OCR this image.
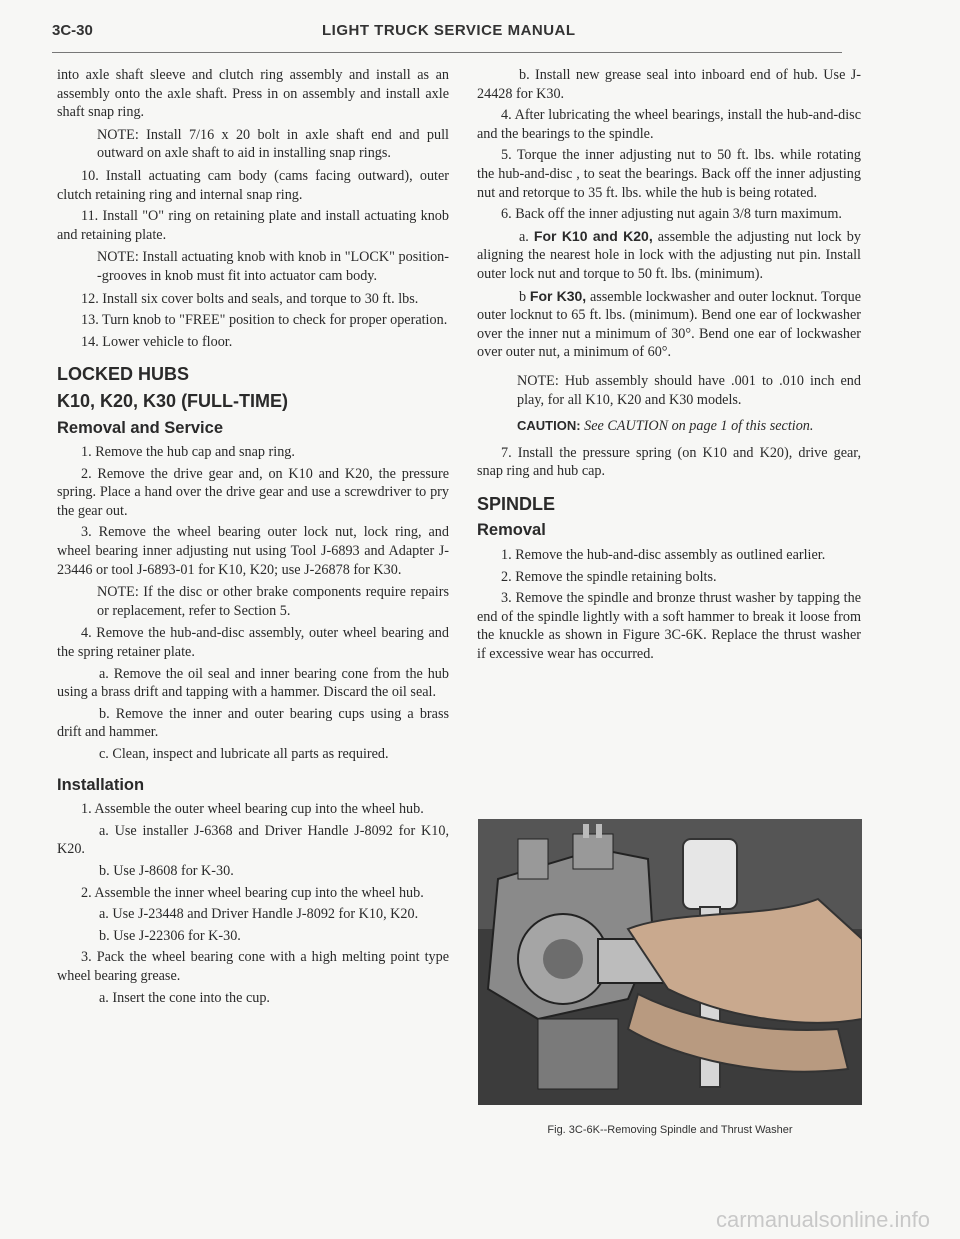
3C-30	LIGHT TRUCK SERVICE MANUAL

into axle shaft sleeve and clutch ring assembly and install as an assembly onto the axle shaft. Press in on assembly and install axle shaft snap ring.

NOTE: Install 7/16 x 20 bolt in axle shaft end and pull outward on axle shaft to aid in installing snap rings.

10. Install actuating cam body (cams facing outward), outer clutch retaining ring and internal snap ring.

11. Install "O" ring on retaining plate and install actuating knob and retaining plate.

NOTE: Install actuating knob with knob in "LOCK" position--grooves in knob must fit into actuator cam body.

12. Install six cover bolts and seals, and torque to 30 ft. lbs.

13. Turn knob to "FREE" position to check for proper operation.

14. Lower vehicle to floor.

LOCKED HUBS
K10, K20, K30 (FULL-TIME)
Removal and Service

1. Remove the hub cap and snap ring.

2. Remove the drive gear and, on K10 and K20, the pressure spring. Place a hand over the drive gear and use a screwdriver to pry the gear out.

3. Remove the wheel bearing outer lock nut, lock ring, and wheel bearing inner adjusting nut using Tool J-6893 and Adapter J-23446 or tool J-6893-01 for K10, K20; use J-26878 for K30.

NOTE: If the disc or other brake components require repairs or replacement, refer to Section 5.

4. Remove the hub-and-disc assembly, outer wheel bearing and the spring retainer plate.

a. Remove the oil seal and inner bearing cone from the hub using a brass drift and tapping with a hammer. Discard the oil seal.

b. Remove the inner and outer bearing cups using a brass drift and hammer.

c. Clean, inspect and lubricate all parts as required.

Installation

1. Assemble the outer wheel bearing cup into the wheel hub.

a. Use installer J-6368 and Driver Handle J-8092 for K10, K20.

b. Use J-8608 for K-30.

2. Assemble the inner wheel bearing cup into the wheel hub.

a. Use J-23448 and Driver Handle J-8092 for K10, K20.

b. Use J-22306 for K-30.

3. Pack the wheel bearing cone with a high melting point type wheel bearing grease.

a. Insert the cone into the cup.

b. Install new grease seal into inboard end of hub. Use J-24428 for K30.

4. After lubricating the wheel bearings, install the hub-and-disc and the bearings to the spindle.

5. Torque the inner adjusting nut to 50 ft. lbs. while rotating the hub-and-disc , to seat the bearings. Back off the inner adjusting nut and retorque to 35 ft. lbs. while the hub is being rotated.

6. Back off the inner adjusting nut again 3/8 turn maximum.

a. For K10 and K20, assemble the adjusting nut lock by aligning the nearest hole in lock with the adjusting nut pin. Install outer lock nut and torque to 50 ft. lbs. (minimum).

b For K30, assemble lockwasher and outer locknut. Torque outer locknut to 65 ft. lbs. (minimum). Bend one ear of lockwasher over the inner nut a minimum of 30°. Bend one ear of lockwasher over outer nut, a minimum of 60°.

NOTE: Hub assembly should have .001 to .010 inch end play, for all K10, K20 and K30 models.

CAUTION: See CAUTION on page 1 of this section.

7. Install the pressure spring (on K10 and K20), drive gear, snap ring and hub cap.

SPINDLE
Removal

1. Remove the hub-and-disc assembly as outlined earlier.

2. Remove the spindle retaining bolts.

3. Remove the spindle and bronze thrust washer by tapping the end of the spindle lightly with a soft hammer to break it loose from the knuckle as shown in Figure 3C-6K. Replace the thrust washer if excessive wear has occurred.

Fig. 3C-6K--Removing Spindle and Thrust Washer
carmanualsonline.info
